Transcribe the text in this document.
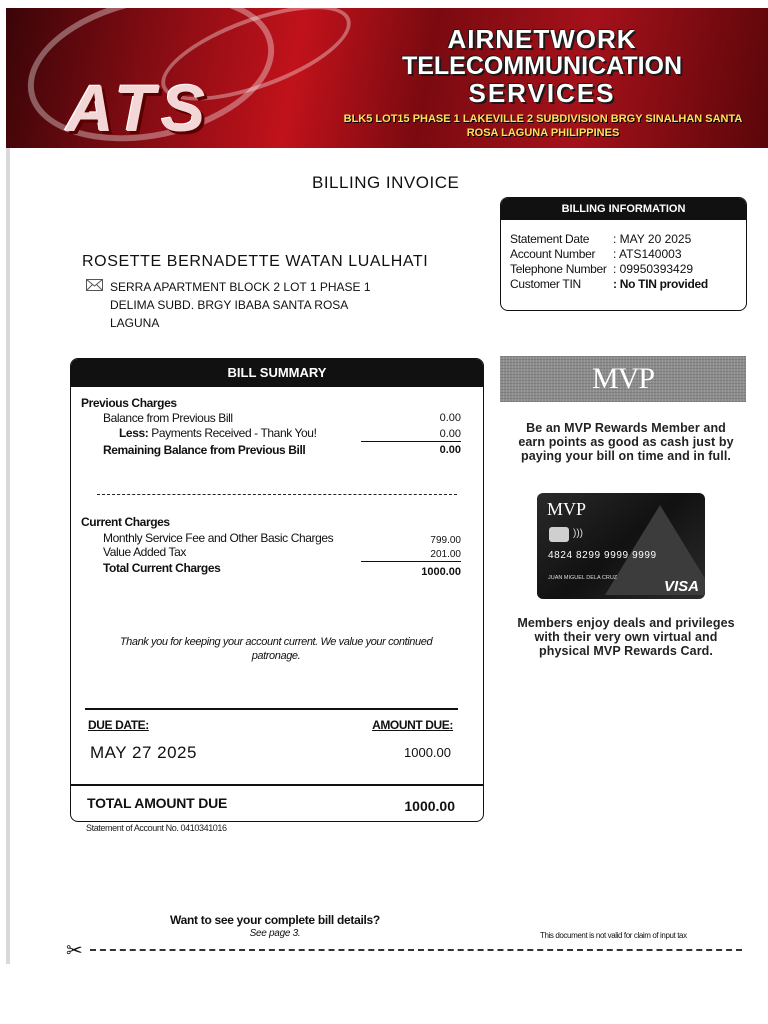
ATS
AIRNETWORK
TELECOMMUNICATION
SERVICES
BLK5 LOT15 PHASE 1 LAKEVILLE 2 SUBDIVISION BRGY SINALHAN SANTA
ROSA LAGUNA PHILIPPINES
BILLING INVOICE
BILLING INFORMATION
Statement Date	: MAY 20 2025
Account Number	: ATS140003
Telephone Number	: 09950393429
Customer TIN	: No TIN provided
ROSETTE BERNADETTE WATAN LUALHATI
SERRA APARTMENT BLOCK 2 LOT 1 PHASE 1
DELIMA SUBD. BRGY IBABA SANTA ROSA
LAGUNA
BILL SUMMARY
Previous Charges
Balance from Previous Bill	0.00
Less: Payments Received - Thank You!	0.00
Remaining Balance from Previous Bill	0.00
Current Charges
Monthly Service Fee and Other Basic Charges	799.00
Value Added Tax	201.00
Total Current Charges	1000.00
Thank you for keeping your account current. We value your continued patronage.
DUE DATE:	AMOUNT DUE:
MAY 27 2025	1000.00
TOTAL AMOUNT DUE	1000.00
Statement of Account No. 0410341016
MVP
Be an MVP Rewards Member and earn points as good as cash just by paying your bill on time and in full.
MVP
)))
4824 8299 9999 9999
JUAN MIGUEL DELA CRUZ	VISA
Members enjoy deals and privileges with their very own virtual and physical MVP Rewards Card.
Want to see your complete bill details?
See page 3.	This document is not valid for claim of input tax
✂
